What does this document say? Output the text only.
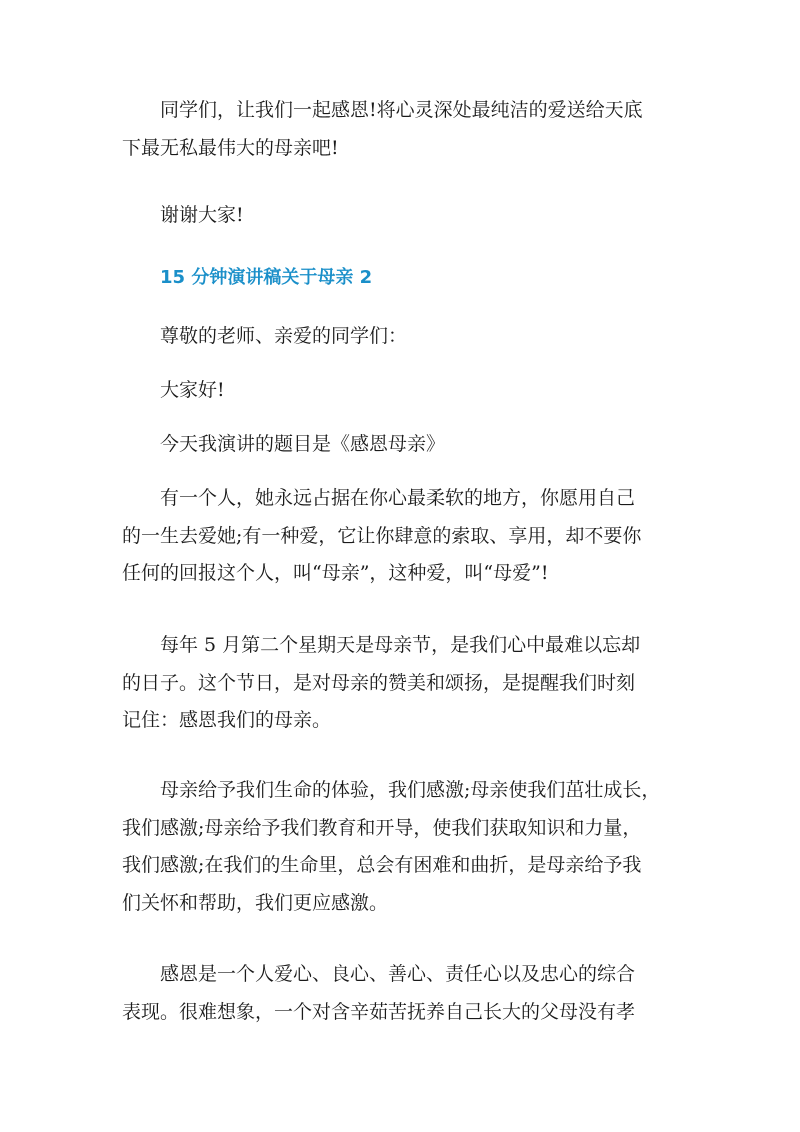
同学们，让我们一起感恩!将心灵深处最纯洁的爱送给天底
下最无私最伟大的母亲吧!

谢谢大家!

15 分钟演讲稿关于母亲 2

尊敬的老师、亲爱的同学们：

大家好!

今天我演讲的题目是《感恩母亲》

有一个人，她永远占据在你心最柔软的地方，你愿用自己
的一生去爱她;有一种爱，它让你肆意的索取、享用，却不要你
任何的回报这个人，叫“母亲”，这种爱，叫“母爱”!

每年 5 月第二个星期天是母亲节，是我们心中最难以忘却
的日子。这个节日，是对母亲的赞美和颂扬，是提醒我们时刻
记住：感恩我们的母亲。

母亲给予我们生命的体验，我们感激;母亲使我们茁壮成长，
我们感激;母亲给予我们教育和开导，使我们获取知识和力量，
我们感激;在我们的生命里，总会有困难和曲折，是母亲给予我
们关怀和帮助，我们更应感激。

感恩是一个人爱心、良心、善心、责任心以及忠心的综合
表现。很难想象，一个对含辛茹苦抚养自己长大的父母没有孝
